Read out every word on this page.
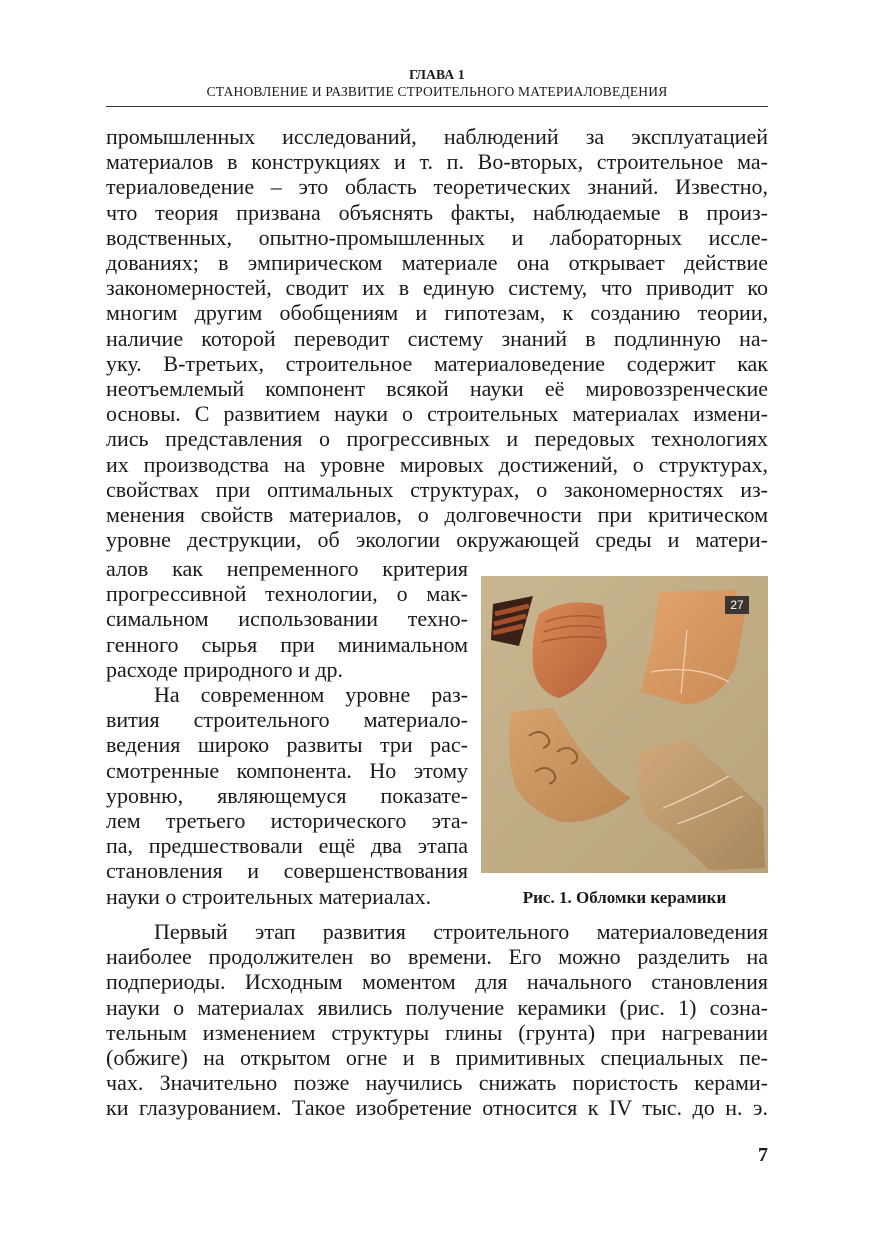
ГЛАВА 1
СТАНОВЛЕНИЕ И РАЗВИТИЕ СТРОИТЕЛЬНОГО МАТЕРИАЛОВЕДЕНИЯ
промышленных исследований, наблюдений за эксплуатацией
материалов в конструкциях и т. п. Во-вторых, строительное ма-
териаловедение – это область теоретических знаний. Известно,
что теория призвана объяснять факты, наблюдаемые в произ-
водственных, опытно-промышленных и лабораторных иссле-
дованиях; в эмпирическом материале она открывает действие
закономерностей, сводит их в единую систему, что приводит ко
многим другим обобщениям и гипотезам, к созданию теории,
наличие которой переводит систему знаний в подлинную на-
уку. В-третьих, строительное материаловедение содержит как
неотъемлемый компонент всякой науки её мировоззренческие
основы. С развитием науки о строительных материалах измени-
лись представления о прогрессивных и передовых технологиях
их производства на уровне мировых достижений, о структурах,
свойствах при оптимальных структурах, о закономерностях из-
менения свойств материалов, о долговечности при критическом
уровне деструкции, об экологии окружающей среды и матери-
алов как непременного критерия
прогрессивной технологии, о мак-
симальном использовании техно-
генного сырья при минимальном
расходе природного и др.
На современном уровне раз-
вития строительного материало-
ведения широко развиты три рас-
смотренные компонента. Но этому
уровню, являющемуся показате-
лем третьего исторического эта-
па, предшествовали ещё два этапа
становления и совершенствования
науки о строительных материалах.
27
Рис. 1. Обломки керамики
Первый этап развития строительного материаловедения
наиболее продолжителен во времени. Его можно разделить на
подпериоды. Исходным моментом для начального становления
науки о материалах явились получение керамики (рис. 1) созна-
тельным изменением структуры глины (грунта) при нагревании
(обжиге) на открытом огне и в примитивных специальных пе-
чах. Значительно позже научились снижать пористость керами-
ки глазурованием. Такое изобретение относится к IV тыс. до н. э.
7
